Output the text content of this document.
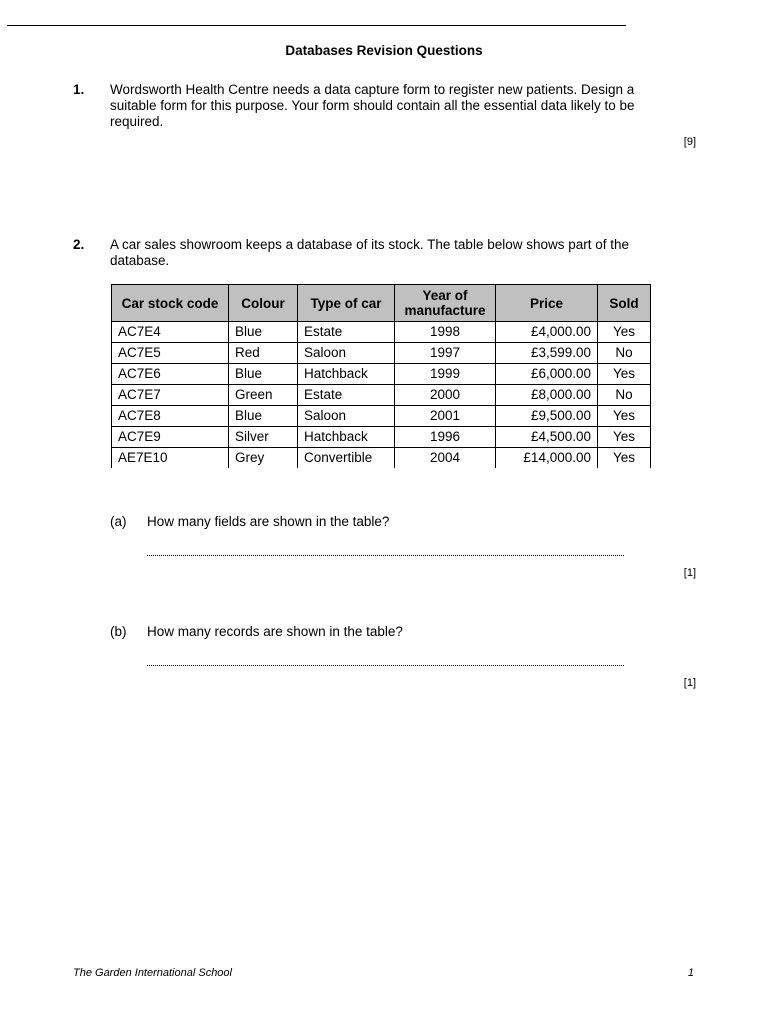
Databases Revision Questions
1. Wordsworth Health Centre needs a data capture form to register new patients. Design a suitable form for this purpose. Your form should contain all the essential data likely to be required.
[9]
2. A car sales showroom keeps a database of its stock. The table below shows part of the database.
Car stock code	Colour	Type of car	Year of manufacture	Price	Sold
AC7E4	Blue	Estate	1998	£4,000.00	Yes
AC7E5	Red	Saloon	1997	£3,599.00	No
AC7E6	Blue	Hatchback	1999	£6,000.00	Yes
AC7E7	Green	Estate	2000	£8,000.00	No
AC7E8	Blue	Saloon	2001	£9,500.00	Yes
AC7E9	Silver	Hatchback	1996	£4,500.00	Yes
AE7E10	Grey	Convertible	2004	£14,000.00	Yes
(a) How many fields are shown in the table?
[1]
(b) How many records are shown in the table?
[1]
The Garden International School	1
